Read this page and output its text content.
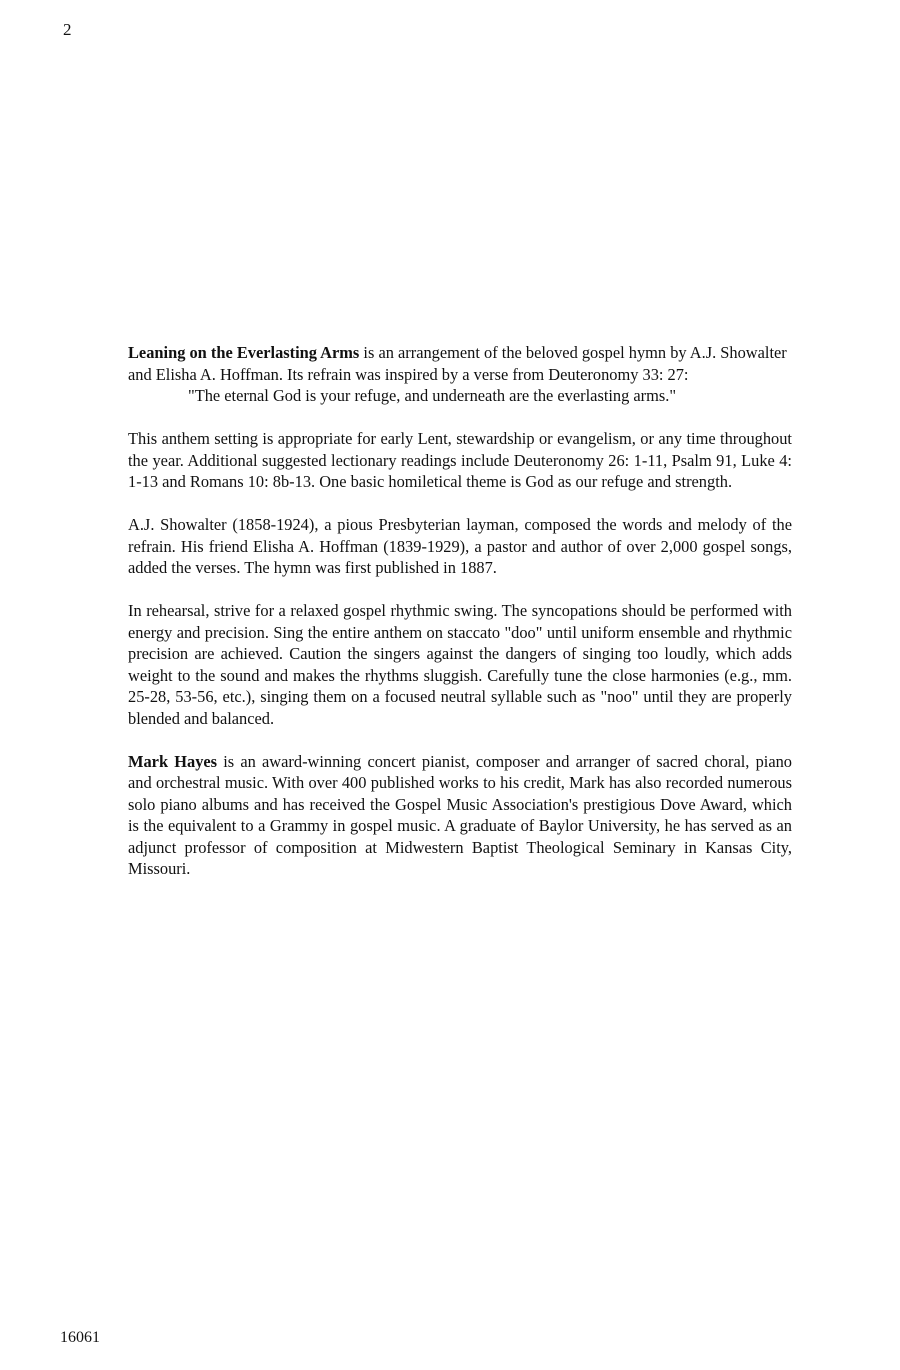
2

Leaning on the Everlasting Arms is an arrangement of the beloved gospel hymn by A.J. Showalter and Elisha A. Hoffman. Its refrain was inspired by a verse from Deuteronomy 33: 27:
"The eternal God is your refuge, and underneath are the everlasting arms."

This anthem setting is appropriate for early Lent, stewardship or evangelism, or any time throughout the year. Additional suggested lectionary readings include Deuteronomy 26: 1-11, Psalm 91, Luke 4: 1-13 and Romans 10: 8b-13. One basic homiletical theme is God as our refuge and strength.

A.J. Showalter (1858-1924), a pious Presbyterian layman, composed the words and melody of the refrain. His friend Elisha A. Hoffman (1839-1929), a pastor and author of over 2,000 gospel songs, added the verses. The hymn was first published in 1887.

In rehearsal, strive for a relaxed gospel rhythmic swing. The syncopations should be performed with energy and precision. Sing the entire anthem on staccato "doo" until uniform ensemble and rhythmic precision are achieved. Caution the singers against the dangers of singing too loudly, which adds weight to the sound and makes the rhythms sluggish. Carefully tune the close harmonies (e.g., mm. 25-28, 53-56, etc.), singing them on a focused neutral syllable such as "noo" until they are properly blended and balanced.

Mark Hayes is an award-winning concert pianist, composer and arranger of sacred choral, piano and orchestral music. With over 400 published works to his credit, Mark has also recorded numerous solo piano albums and has received the Gospel Music Association's prestigious Dove Award, which is the equivalent to a Grammy in gospel music. A graduate of Baylor University, he has served as an adjunct professor of composition at Midwestern Baptist Theological Seminary in Kansas City, Missouri.

16061
